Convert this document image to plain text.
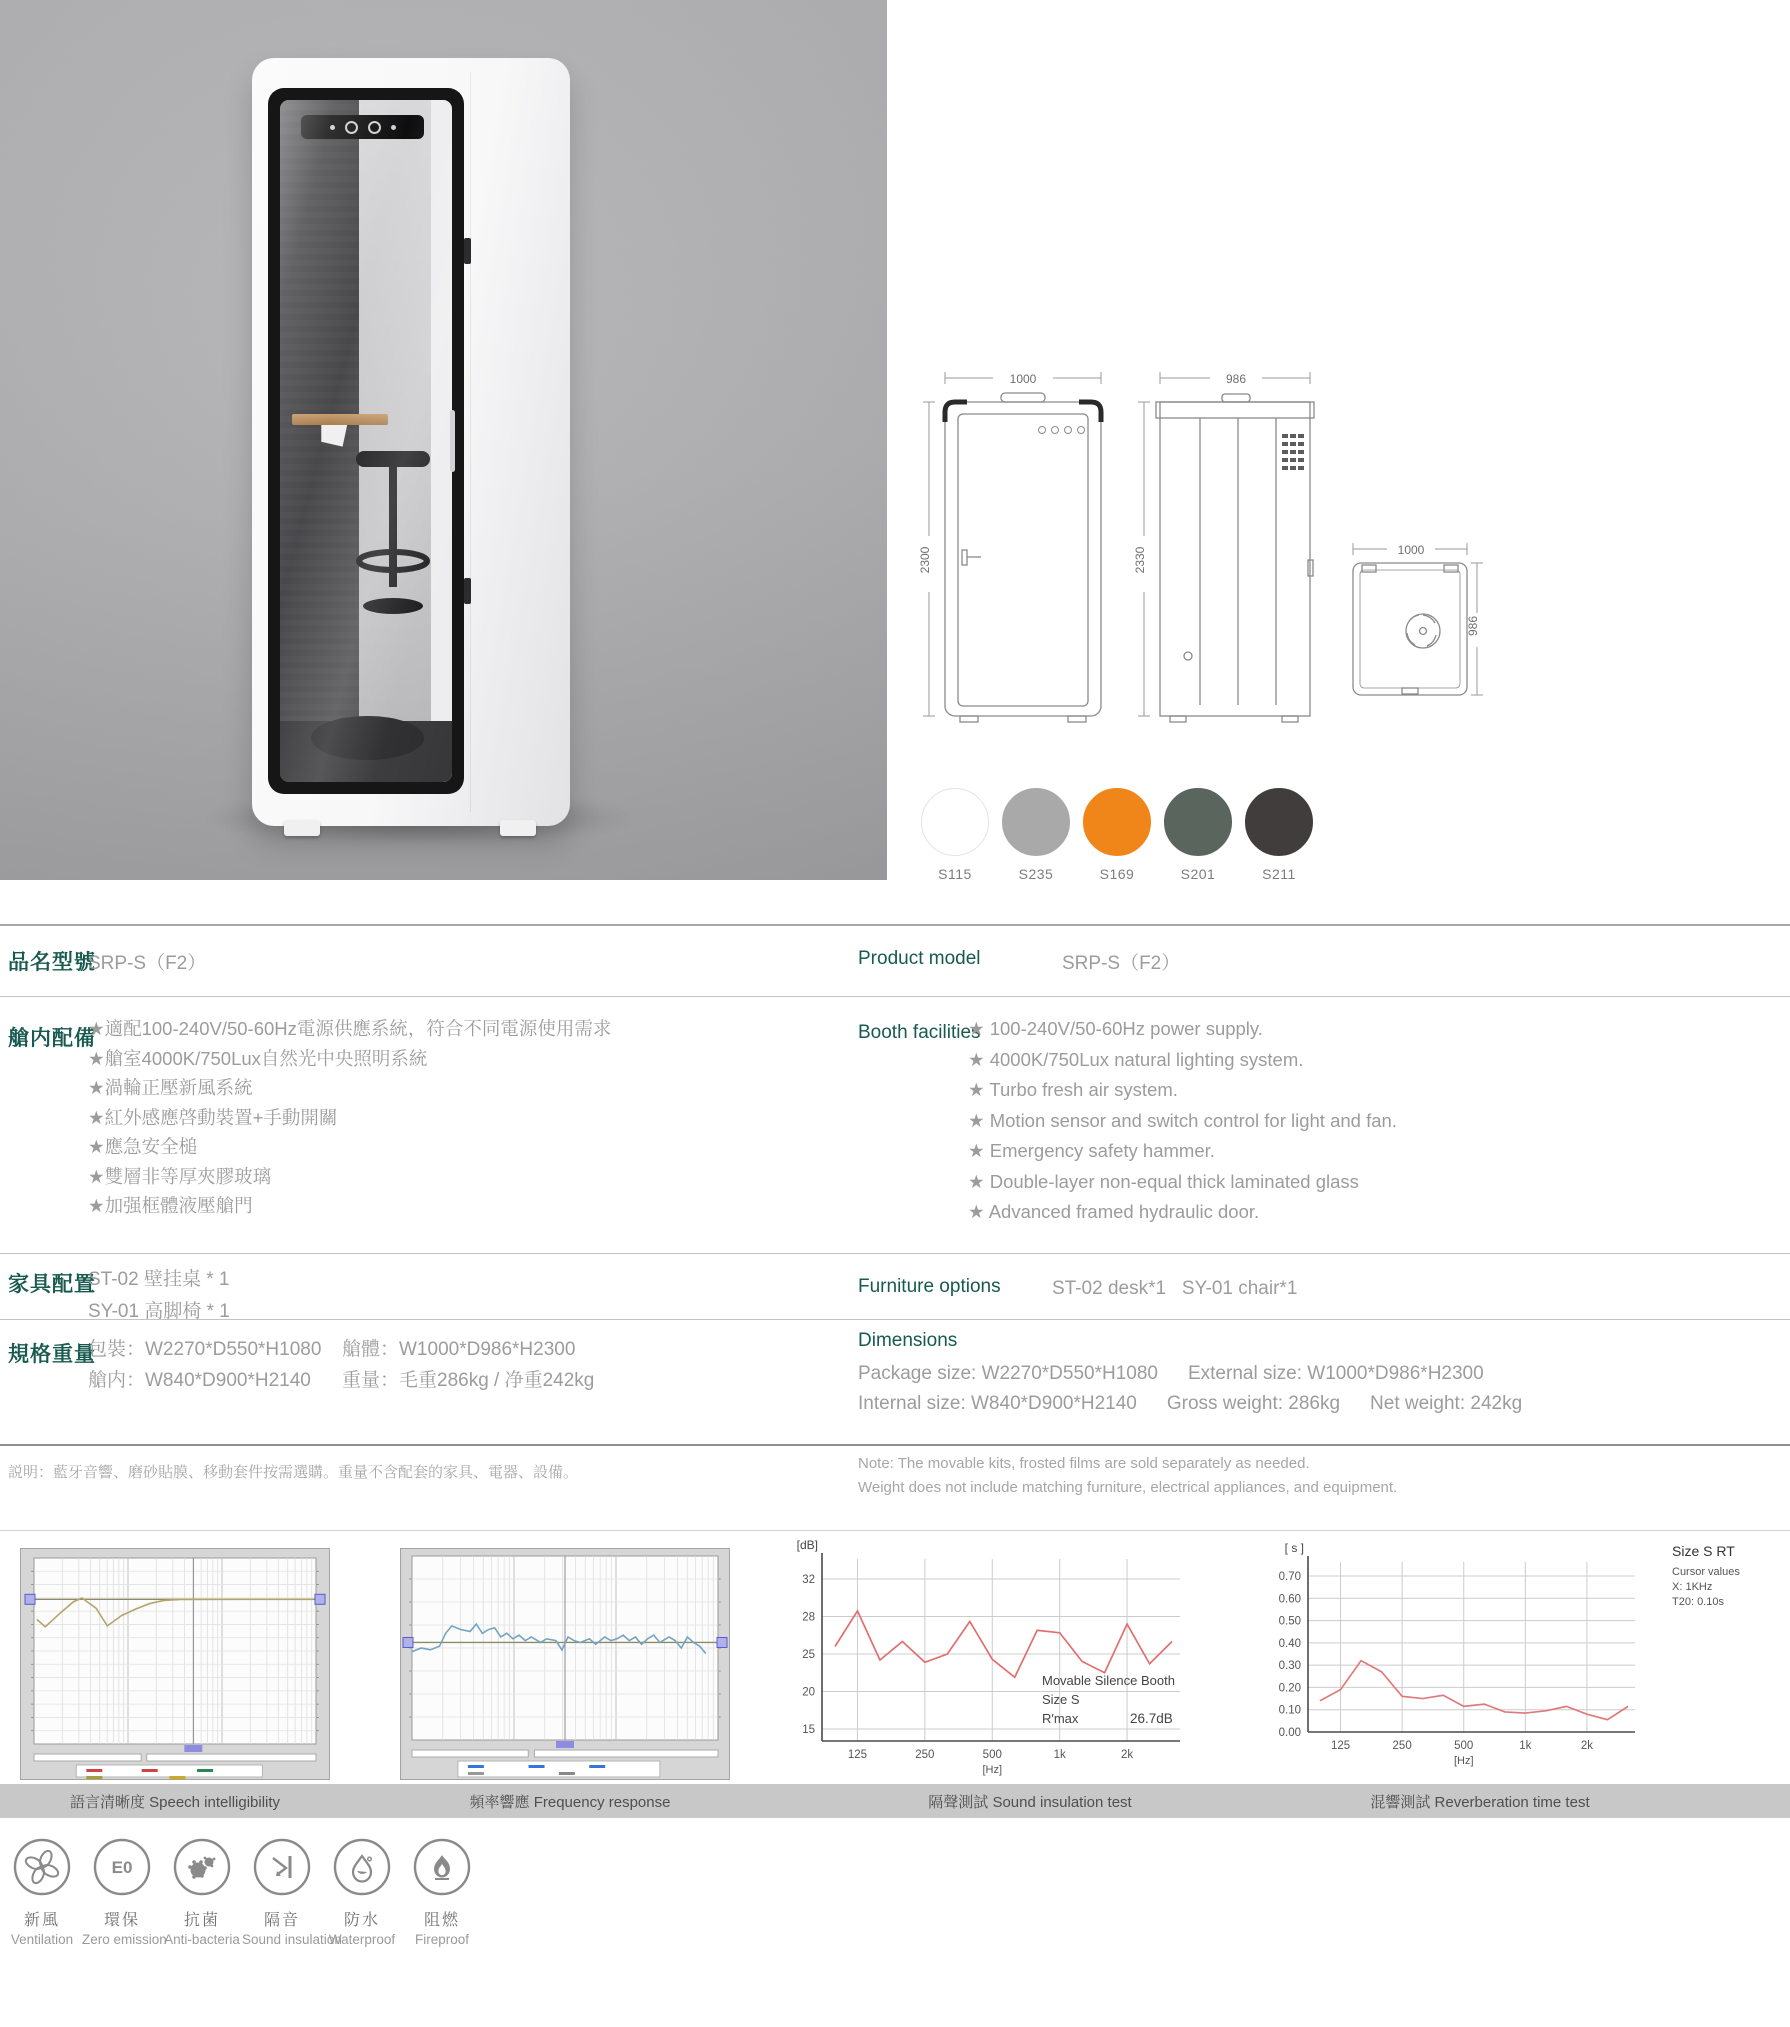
1000
2300
986
2330	1000
986
S115	S235	S169	S201	S211
品名型號
SRP-S（F2）	Product model	SRP-S（F2）
艙内配備
★適配100-240V/50-60Hz電源供應系統，符合不同電源使用需求
★艙室4000K/750Lux自然光中央照明系統
★渦輪正壓新風系統
★紅外感應啓動裝置+手動開關
★應急安全槌
★雙層非等厚夾膠玻璃
★加强框體液壓艙門
Booth facilities
★ 100-240V/50-60Hz power supply.
★ 4000K/750Lux natural lighting system.
★ Turbo fresh air system.
★ Motion sensor and switch control for light and fan.
★ Emergency safety hammer.
★ Double-layer non-equal thick laminated glass
★ Advanced framed hydraulic door.
家具配置
ST-02 壁挂桌 * 1
SY-01 高脚椅 * 1
Furniture options	ST-02 desk*1   SY-01 chair*1
規格重量
包裝：W2270*D550*H1080 艙體：W1000*D986*H2300
艙内：W840*D900*H2140 重量：毛重286kg / 净重242kg
Dimensions
Package size: W2270*D550*H1080 External size: W1000*D986*H2300
Internal size: W840*D900*H2140 Gross weight: 286kg Net weight: 242kg
説明：藍牙音響、磨砂貼膜、移動套件按需選購。重量不含配套的家具、電器、設備。
Note: The movable kits, frosted films are sold separately as needed.
Weight does not include matching furniture, electrical appliances, and equipment.
32
28
25
20
15
125	250	500	1k	2k
[dB]
[Hz]
Movable Silence Booth
Size S
R′max	26.7dB
0.70
0.60
0.50
0.40
0.30
0.20
0.10
0.00
125	250	500	1k	2k
[ s ]
[Hz]
Size S RT
Cursor values
X: 1KHz
T20: 0.10s
語言清晰度 Speech intelligibility	頻率響應 Frequency response	隔聲測試 Sound insulation test	混響測試 Reverberation time test
新風
Ventilation
E0
環保
Zero emission
抗菌
Anti-bacteria
隔音
Sound insulation
防水
Waterproof
阻燃
Fireproof
